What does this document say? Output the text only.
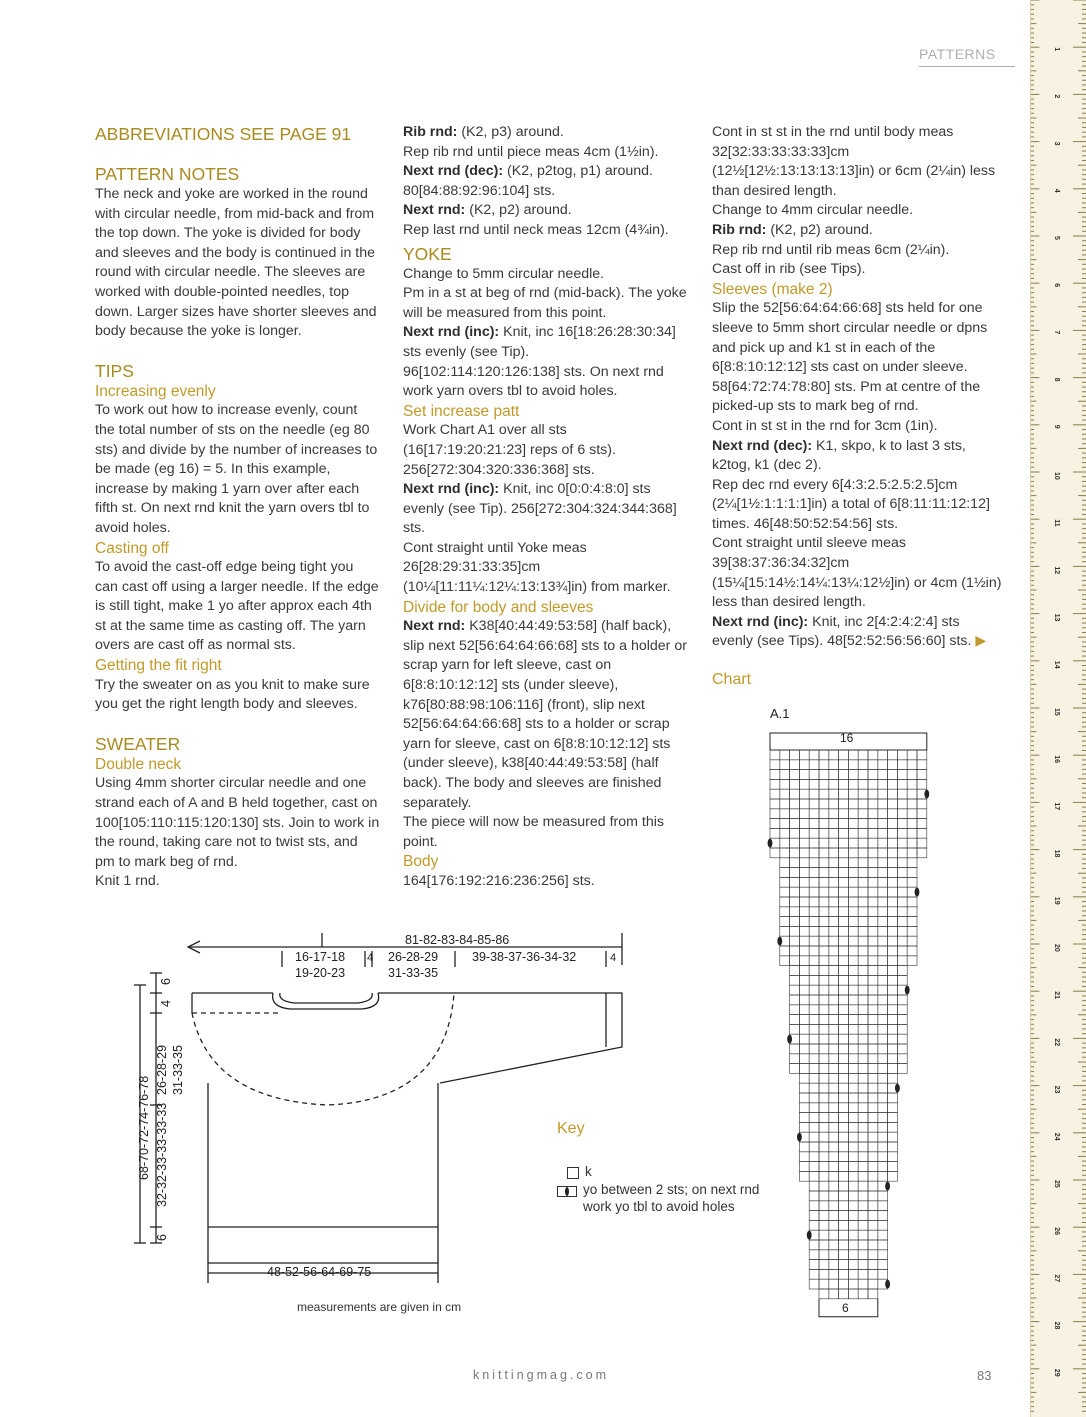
PATTERNS

ABBREVIATIONS SEE PAGE 91

PATTERN NOTES

The neck and yoke are worked in the round with circular needle, from mid-back and from the top down. The yoke is divided for body and sleeves and the body is continued in the round with circular needle. The sleeves are worked with double-pointed needles, top down. Larger sizes have shorter sleeves and body because the yoke is longer.

TIPS

Increasing evenly

To work out how to increase evenly, count the total number of sts on the needle (eg 80 sts) and divide by the number of increases to be made (eg 16) = 5. In this example, increase by making 1 yarn over after each fifth st. On next rnd knit the yarn overs tbl to avoid holes.

Casting off

To avoid the cast-off edge being tight you can cast off using a larger needle. If the edge is still tight, make 1 yo after approx each 4th st at the same time as casting off. The yarn overs are cast off as normal sts.

Getting the fit right

Try the sweater on as you knit to make sure you get the right length body and sleeves.

SWEATER

Double neck

Using 4mm shorter circular needle and one strand each of A and B held together, cast on 100[105:110:115:120:130] sts. Join to work in the round, taking care not to twist sts, and pm to mark beg of rnd.

Knit 1 rnd.

Rib rnd: (K2, p3) around.

Rep rib rnd until piece meas 4cm (1½in).

Next rnd (dec): (K2, p2tog, p1) around. 80[84:88:92:96:104] sts.

Next rnd: (K2, p2) around.

Rep last rnd until neck meas 12cm (4¾in).

YOKE

Change to 5mm circular needle.

Pm in a st at beg of rnd (mid-back). The yoke will be measured from this point.

Next rnd (inc): Knit, inc 16[18:26:28:30:34] sts evenly (see Tip). 96[102:114:120:126:138] sts. On next rnd work yarn overs tbl to avoid holes.

Set increase patt

Work Chart A1 over all sts (16[17:19:20:21:23] reps of 6 sts). 256[272:304:320:336:368] sts.

Next rnd (inc): Knit, inc 0[0:0:4:8:0] sts evenly (see Tip). 256[272:304:324:344:368] sts.

Cont straight until Yoke meas 26[28:29:31:33:35]cm (10¼[11:11¼:12¼:13:13¾]in) from marker.

Divide for body and sleeves

Next rnd: K38[40:44:49:53:58] (half back), slip next 52[56:64:64:66:68] sts to a holder or scrap yarn for left sleeve, cast on 6[8:8:10:12:12] sts (under sleeve), k76[80:88:98:106:116] (front), slip next 52[56:64:64:66:68] sts to a holder or scrap yarn for sleeve, cast on 6[8:8:10:12:12] sts (under sleeve), k38[40:44:49:53:58] (half back). The body and sleeves are finished separately.

The piece will now be measured from this point.

Body

164[176:192:216:236:256] sts.

Cont in st st in the rnd until body meas 32[32:33:33:33:33]cm (12½[12½:13:13:13:13]in) or 6cm (2¼in) less than desired length.

Change to 4mm circular needle.

Rib rnd: (K2, p2) around.

Rep rib rnd until rib meas 6cm (2¼in).

Cast off in rib (see Tips).

Sleeves (make 2)

Slip the 52[56:64:64:66:68] sts held for one sleeve to 5mm short circular needle or dpns and pick up and k1 st in each of the 6[8:8:10:12:12] sts cast on under sleeve. 58[64:72:74:78:80] sts. Pm at centre of the picked-up sts to mark beg of rnd.

Cont in st st in the rnd for 3cm (1in).

Next rnd (dec): K1, skpo, k to last 3 sts, k2tog, k1 (dec 2).

Rep dec rnd every 6[4:3:2.5:2.5:2.5]cm (2¼[1½:1:1:1:1]in) a total of 6[8:11:11:12:12] times. 46[48:50:52:54:56] sts.

Cont straight until sleeve meas 39[38:37:36:34:32]cm (15¼[15:14½:14¼:13¼:12½]in) or 4cm (1½in) less than desired length.

Next rnd (inc): Knit, inc 2[4:2:4:2:4] sts evenly (see Tips). 48[52:52:56:56:60] sts. ▶

81-82-83-84-85-86
16-17-18
19-20-23
4 26-28-29
31-33-35
39-38-37-36-34-32	4
48-52-56-64-69-75
6
4
26-28-29 31-33-35
68-70-72-74-76-78 32-32-33-33-33-33
6
measurements are given in cm
Key
k
yo between 2 sts; on next rnd work yo tbl to avoid holes
Chart
A.1
16
6
1
2
3
4
5
6
7
8
9
10
11
12
13
14
15
16
17
18
19
20
21
22
23
24
25
26
27
28
29
knittingmag.com	83
